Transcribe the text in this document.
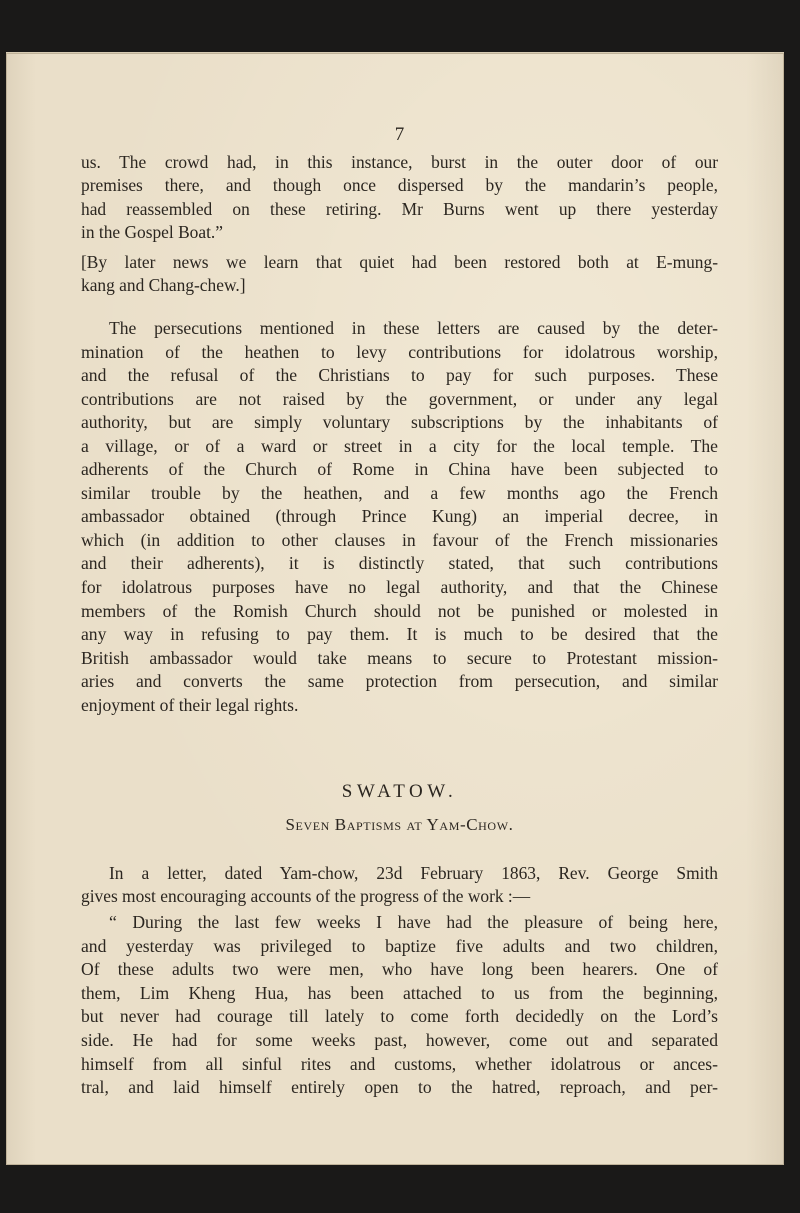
7
us. The crowd had, in this instance, burst in the outer door of our
premises there, and though once dispersed by the mandarin’s people,
had reassembled on these retiring. Mr Burns went up there yesterday
in the Gospel Boat.”
[By later news we learn that quiet had been restored both at E-mung-
kang and Chang-chew.]
The persecutions mentioned in these letters are caused by the deter-
mination of the heathen to levy contributions for idolatrous worship,
and the refusal of the Christians to pay for such purposes. These
contributions are not raised by the government, or under any legal
authority, but are simply voluntary subscriptions by the inhabitants of
a village, or of a ward or street in a city for the local temple. The
adherents of the Church of Rome in China have been subjected to
similar trouble by the heathen, and a few months ago the French
ambassador obtained (through Prince Kung) an imperial decree, in
which (in addition to other clauses in favour of the French missionaries
and their adherents), it is distinctly stated, that such contributions
for idolatrous purposes have no legal authority, and that the Chinese
members of the Romish Church should not be punished or molested in
any way in refusing to pay them. It is much to be desired that the
British ambassador would take means to secure to Protestant mission-
aries and converts the same protection from persecution, and similar
enjoyment of their legal rights.
SWATOW.
Seven Baptisms at Yam-Chow.
In a letter, dated Yam-chow, 23d February 1863, Rev. George Smith
gives most encouraging accounts of the progress of the work :—
“ During the last few weeks I have had the pleasure of being here,
and yesterday was privileged to baptize five adults and two children,
Of these adults two were men, who have long been hearers. One of
them, Lim Kheng Hua, has been attached to us from the beginning,
but never had courage till lately to come forth decidedly on the Lord’s
side. He had for some weeks past, however, come out and separated
himself from all sinful rites and customs, whether idolatrous or ances-
tral, and laid himself entirely open to the hatred, reproach, and per-
